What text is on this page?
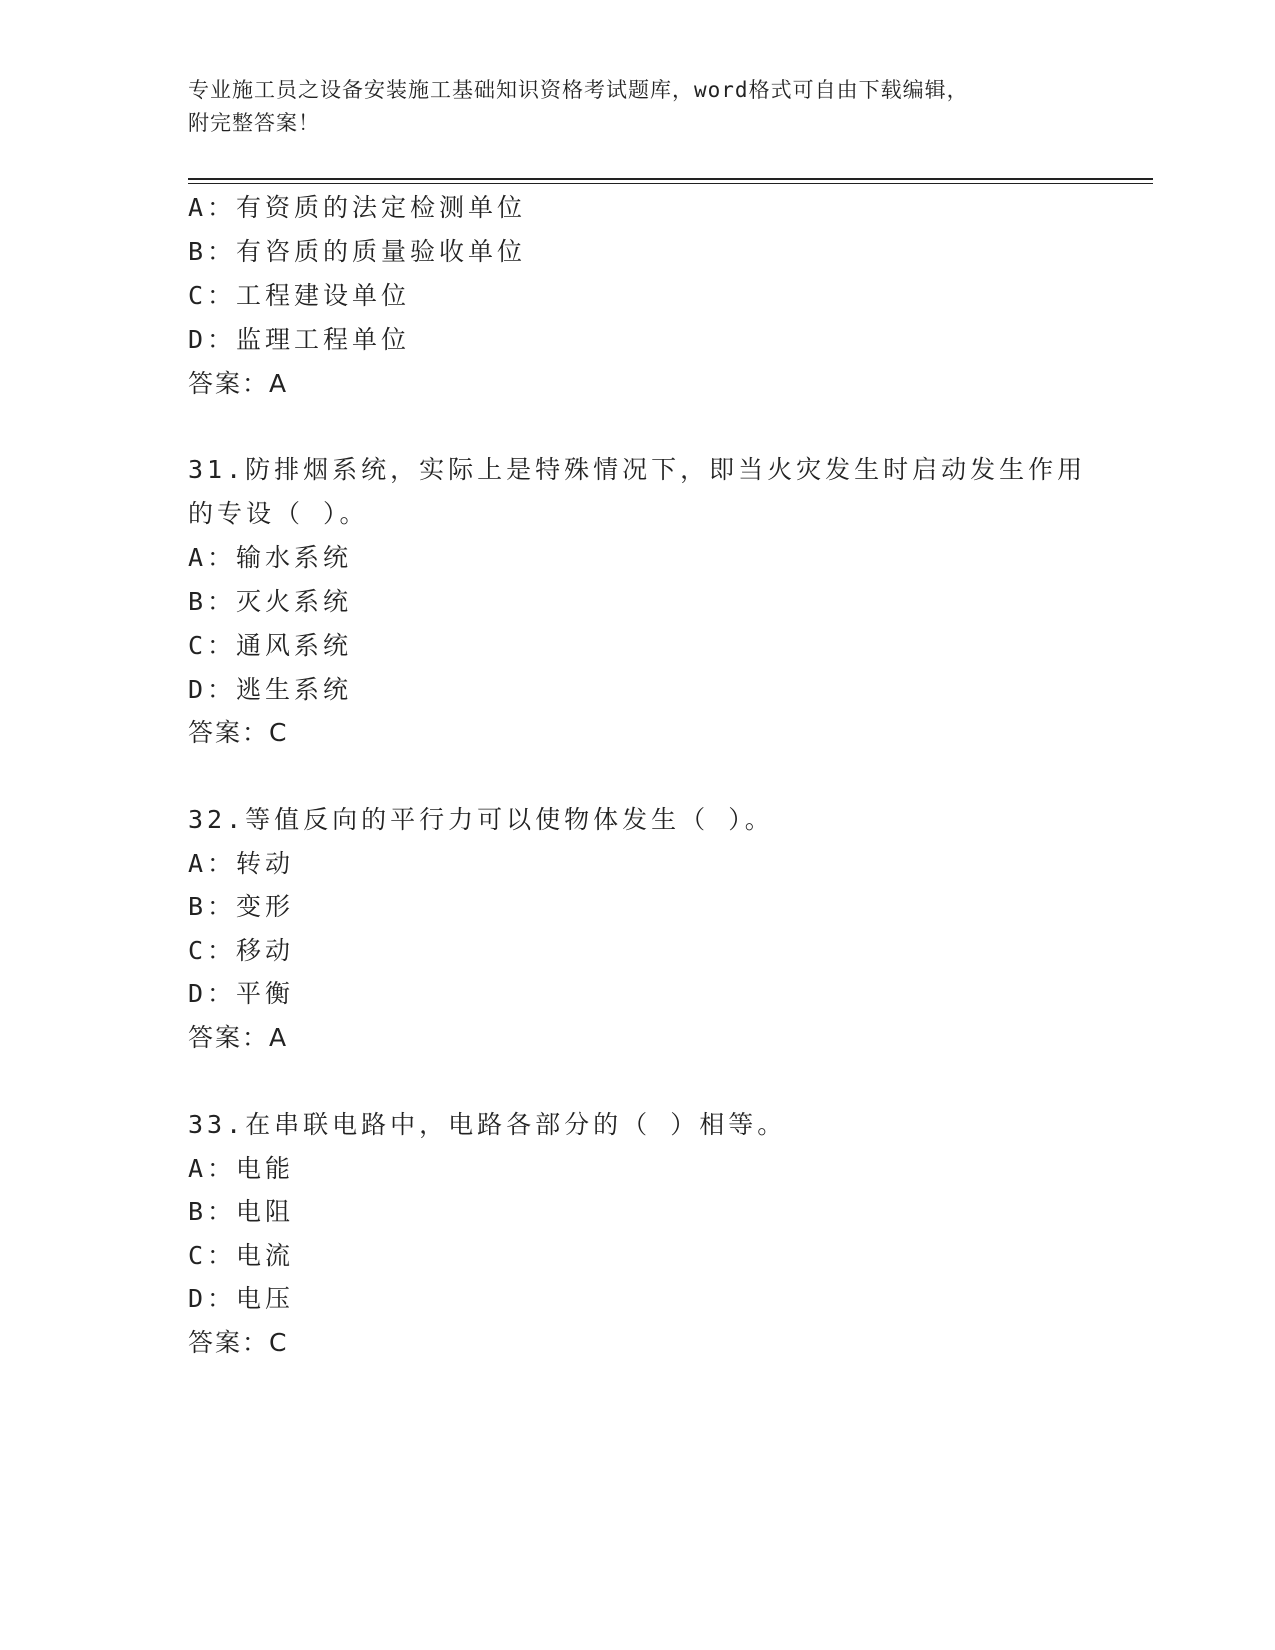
专业施工员之设备安装施工基础知识资格考试题库，word格式可自由下载编辑，
附完整答案！
A：有资质的法定检测单位
B：有咨质的质量验收单位
C：工程建设单位
D：监理工程单位
答案：A
31.防排烟系统，实际上是特殊情况下，即当火灾发生时启动发生作用
的专设（ ）。
A：输水系统
B：灭火系统
C：通风系统
D：逃生系统
答案：C
32.等值反向的平行力可以使物体发生（ ）。
A：转动
B：变形
C：移动
D：平衡
答案：A
33.在串联电路中，电路各部分的（ ）相等。
A：电能
B：电阻
C：电流
D：电压
答案：C
